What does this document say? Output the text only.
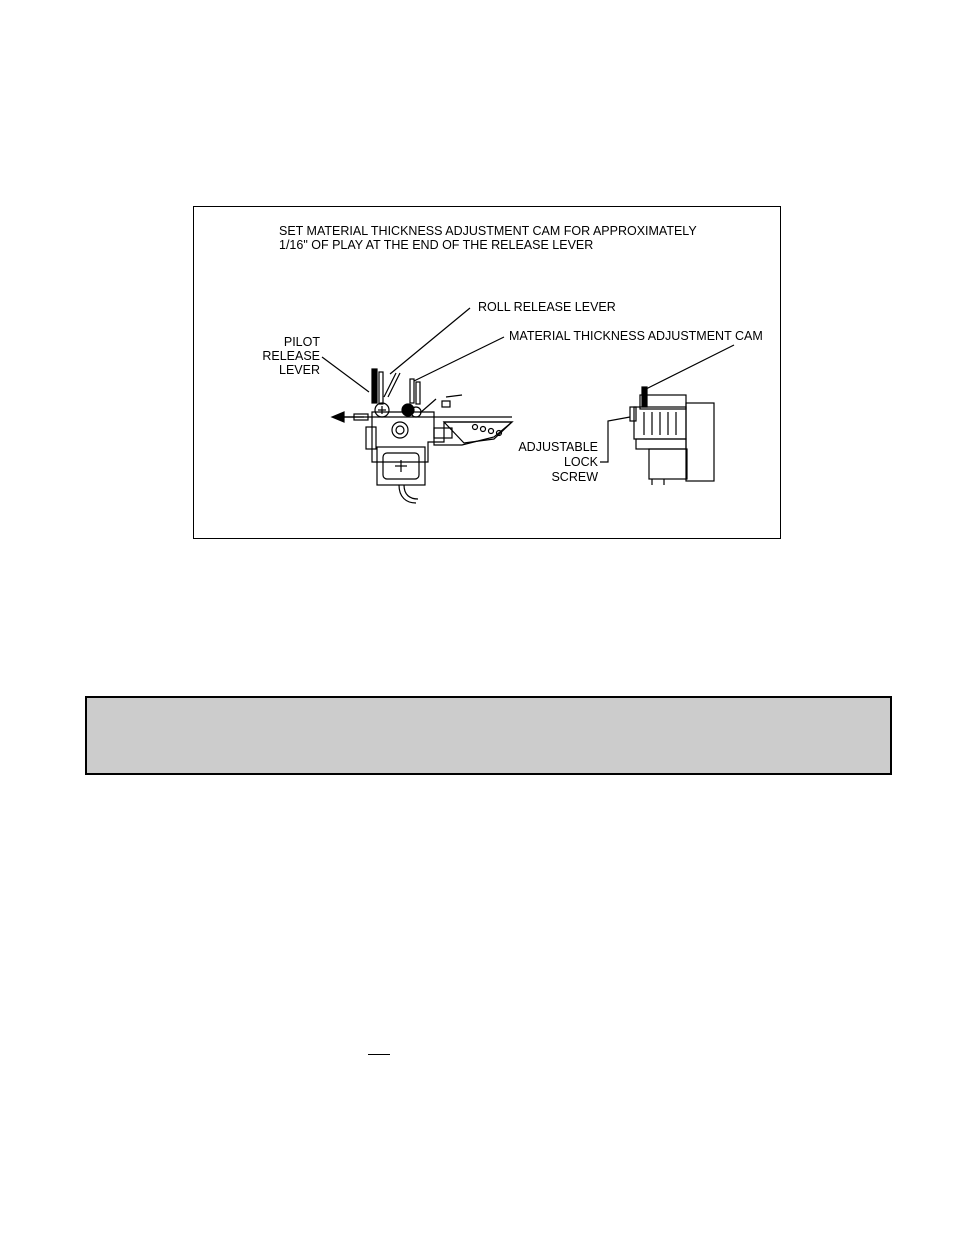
SET MATERIAL THICKNESS ADJUSTMENT CAM FOR APPROXIMATELY
1/16" OF PLAY AT THE END OF THE RELEASE LEVER
ROLL RELEASE LEVER
MATERIAL THICKNESS ADJUSTMENT CAM
PILOT
RELEASE
LEVER
ADJUSTABLE
LOCK
SCREW
